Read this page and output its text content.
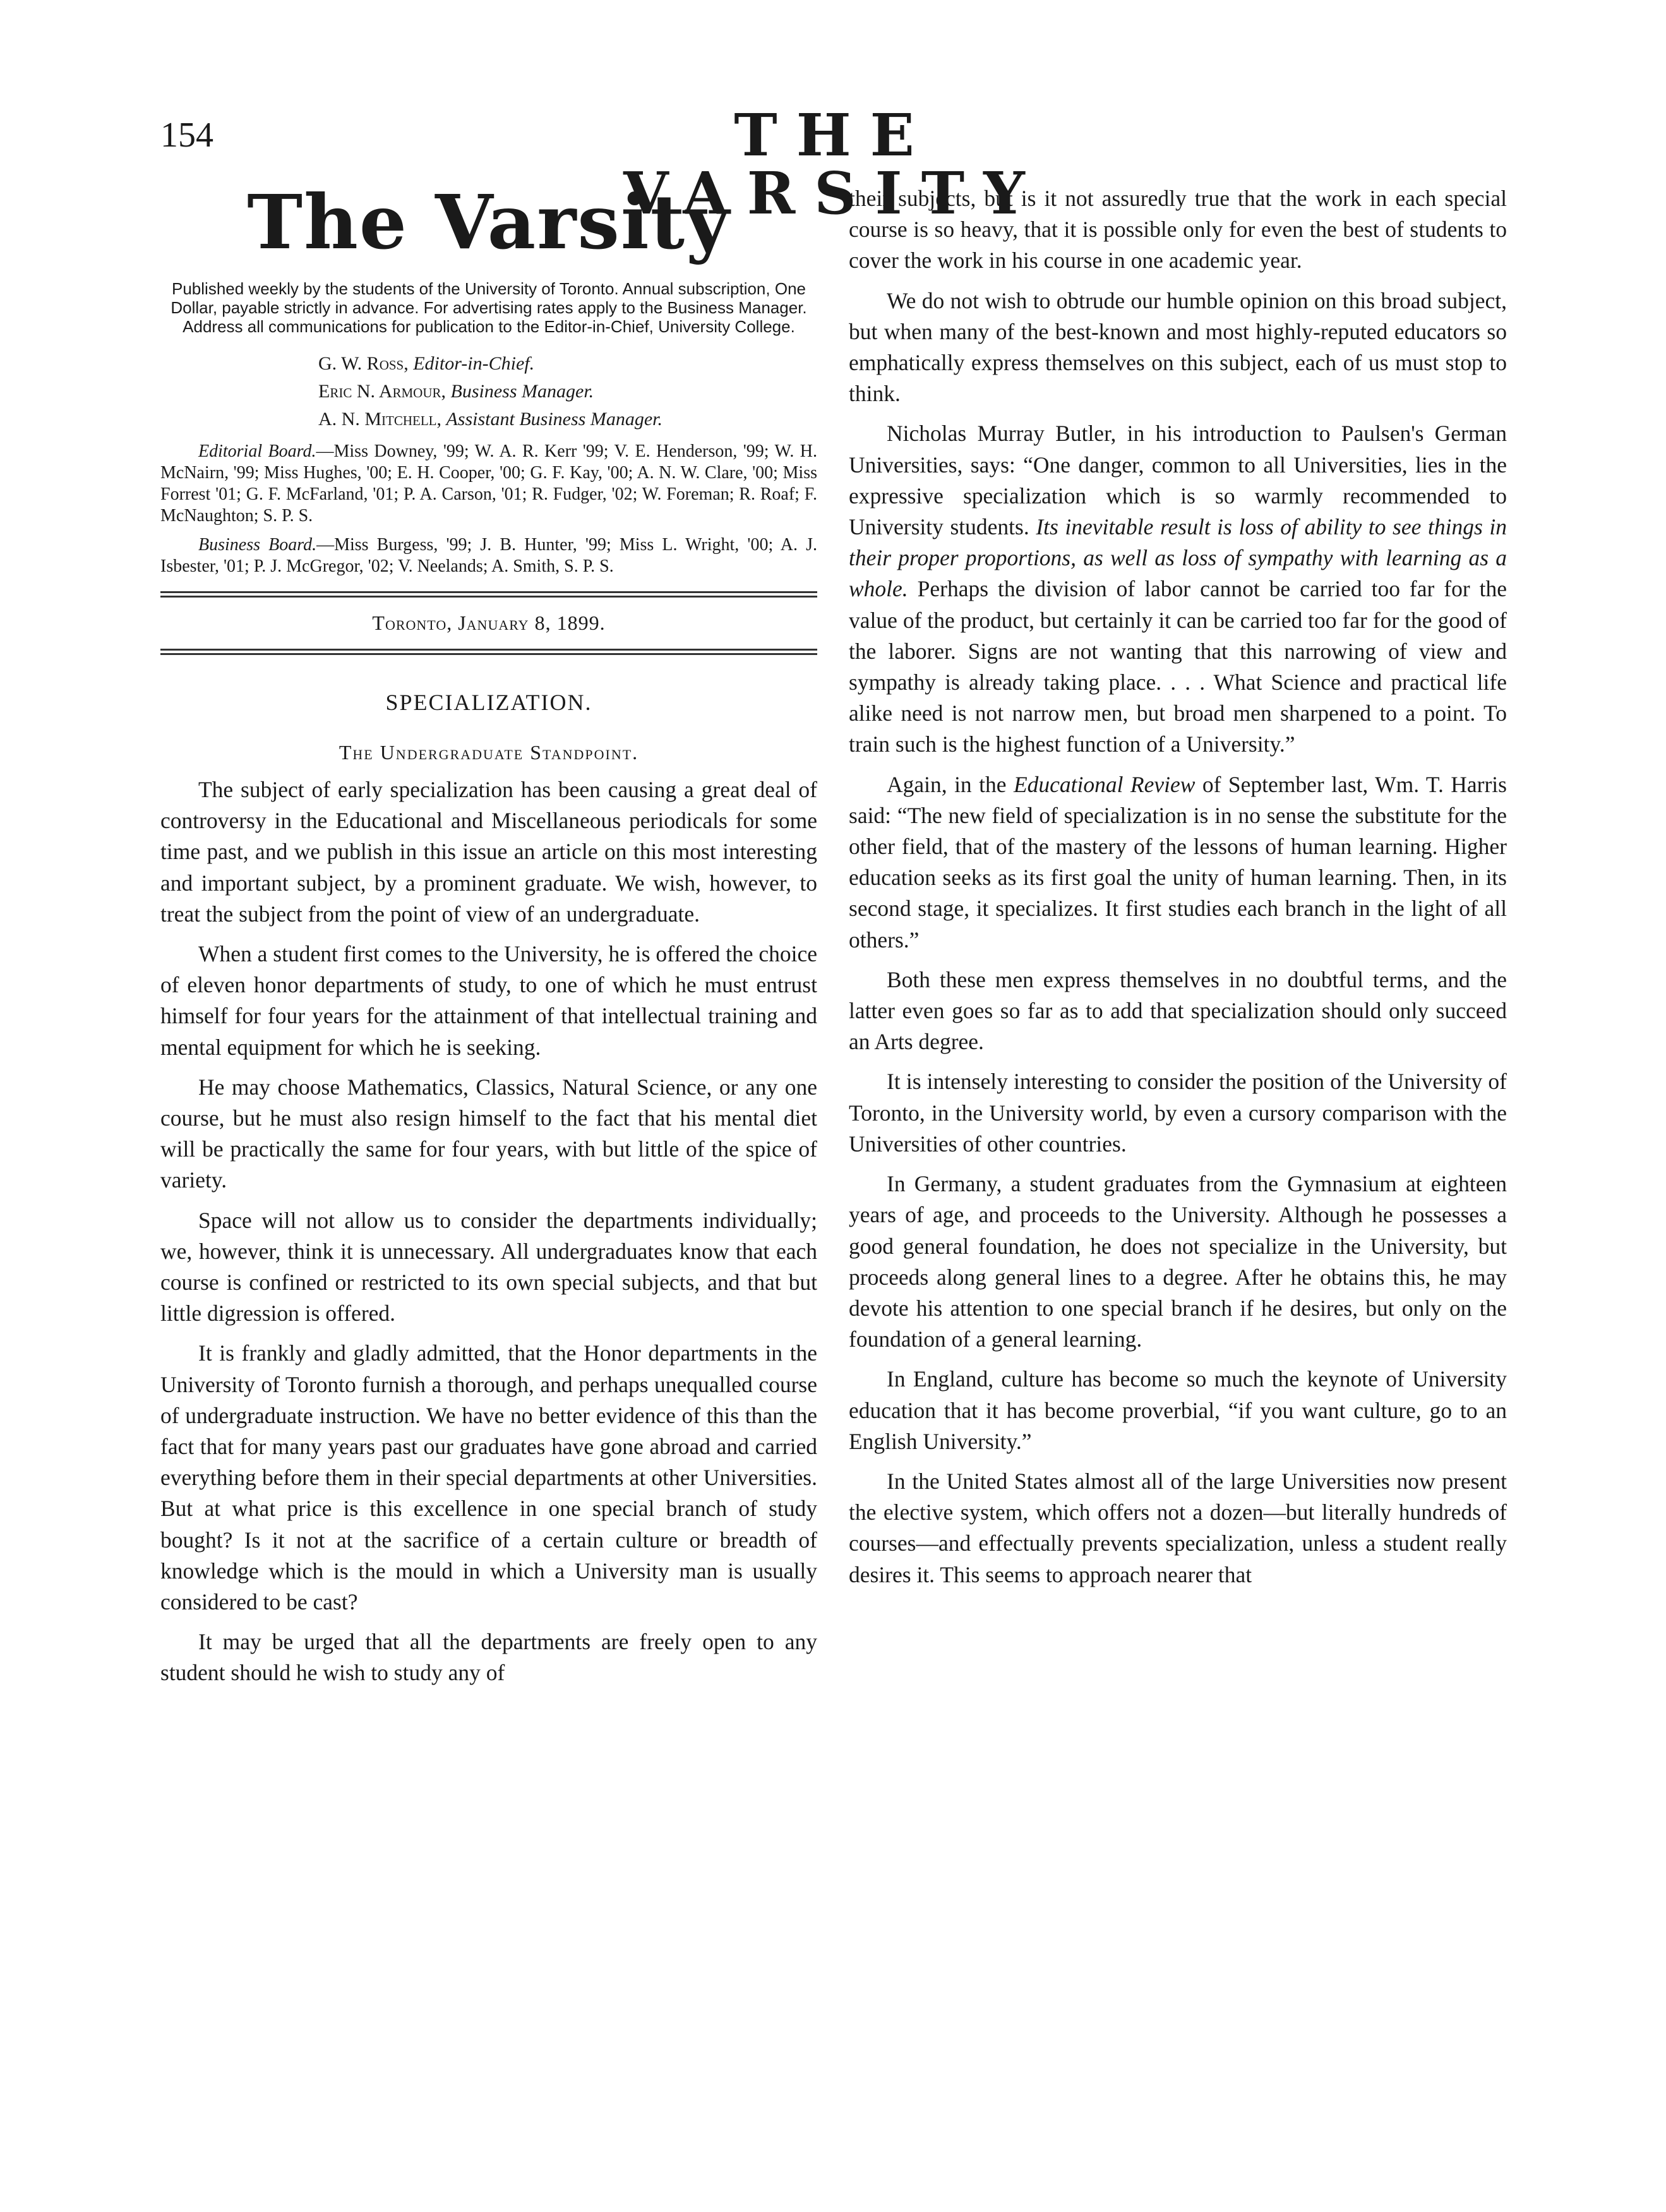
154	THE VARSITY
The Varsity
Published weekly by the students of the University of Toronto. Annual subscription, One Dollar, payable strictly in advance. For advertising rates apply to the Business Manager. Address all communications for publication to the Editor-in-Chief, University College.
G. W. Ross, Editor-in-Chief.
Eric N. Armour, Business Manager.
A. N. Mitchell, Assistant Business Manager.

Editorial Board.—Miss Downey, '99; W. A. R. Kerr '99; V. E. Henderson, '99; W. H. McNairn, '99; Miss Hughes, '00; E. H. Cooper, '00; G. F. Kay, '00; A. N. W. Clare, '00; Miss Forrest '01; G. F. McFarland, '01; P. A. Carson, '01; R. Fudger, '02; W. Foreman; R. Roaf; F. McNaughton; S. P. S.

Business Board.—Miss Burgess, '99; J. B. Hunter, '99; Miss L. Wright, '00; A. J. Isbester, '01; P. J. McGregor, '02; V. Neelands; A. Smith, S. P. S.

Toronto, January 8, 1899.
SPECIALIZATION.
The Undergraduate Standpoint.

The subject of early specialization has been causing a great deal of controversy in the Educational and Miscellaneous periodicals for some time past, and we publish in this issue an article on this most interesting and important subject, by a prominent graduate. We wish, however, to treat the subject from the point of view of an undergraduate.

When a student first comes to the University, he is offered the choice of eleven honor departments of study, to one of which he must entrust himself for four years for the attainment of that intellectual training and mental equipment for which he is seeking.

He may choose Mathematics, Classics, Natural Science, or any one course, but he must also resign himself to the fact that his mental diet will be practically the same for four years, with but little of the spice of variety.

Space will not allow us to consider the departments individually; we, however, think it is unnecessary. All undergraduates know that each course is confined or restricted to its own special subjects, and that but little digression is offered.

It is frankly and gladly admitted, that the Honor departments in the University of Toronto furnish a thorough, and perhaps unequalled course of undergraduate instruction. We have no better evidence of this than the fact that for many years past our graduates have gone abroad and carried everything before them in their special departments at other Universities. But at what price is this excellence in one special branch of study bought? Is it not at the sacrifice of a certain culture or breadth of knowledge which is the mould in which a University man is usually considered to be cast?

It may be urged that all the departments are freely open to any student should he wish to study any of

their subjects, but is it not assuredly true that the work in each special course is so heavy, that it is possible only for even the best of students to cover the work in his course in one academic year.

We do not wish to obtrude our humble opinion on this broad subject, but when many of the best-known and most highly-reputed educators so emphatically express themselves on this subject, each of us must stop to think.

Nicholas Murray Butler, in his introduction to Paulsen's German Universities, says: “One danger, common to all Universities, lies in the expressive specialization which is so warmly recommended to University students. Its inevitable result is loss of ability to see things in their proper proportions, as well as loss of sympathy with learning as a whole. Perhaps the division of labor cannot be carried too far for the value of the product, but certainly it can be carried too far for the good of the laborer. Signs are not wanting that this narrowing of view and sympathy is already taking place. . . . What Science and practical life alike need is not narrow men, but broad men sharpened to a point. To train such is the highest function of a University.”

Again, in the Educational Review of September last, Wm. T. Harris said: “The new field of specialization is in no sense the substitute for the other field, that of the mastery of the lessons of human learning. Higher education seeks as its first goal the unity of human learning. Then, in its second stage, it specializes. It first studies each branch in the light of all others.”

Both these men express themselves in no doubtful terms, and the latter even goes so far as to add that specialization should only succeed an Arts degree.

It is intensely interesting to consider the position of the University of Toronto, in the University world, by even a cursory comparison with the Universities of other countries.

In Germany, a student graduates from the Gymnasium at eighteen years of age, and proceeds to the University. Although he possesses a good general foundation, he does not specialize in the University, but proceeds along general lines to a degree. After he obtains this, he may devote his attention to one special branch if he desires, but only on the foundation of a general learning.

In England, culture has become so much the keynote of University education that it has become proverbial, “if you want culture, go to an English University.”

In the United States almost all of the large Universities now present the elective system, which offers not a dozen—but literally hundreds of courses—and effectually prevents specialization, unless a student really desires it. This seems to approach nearer that
